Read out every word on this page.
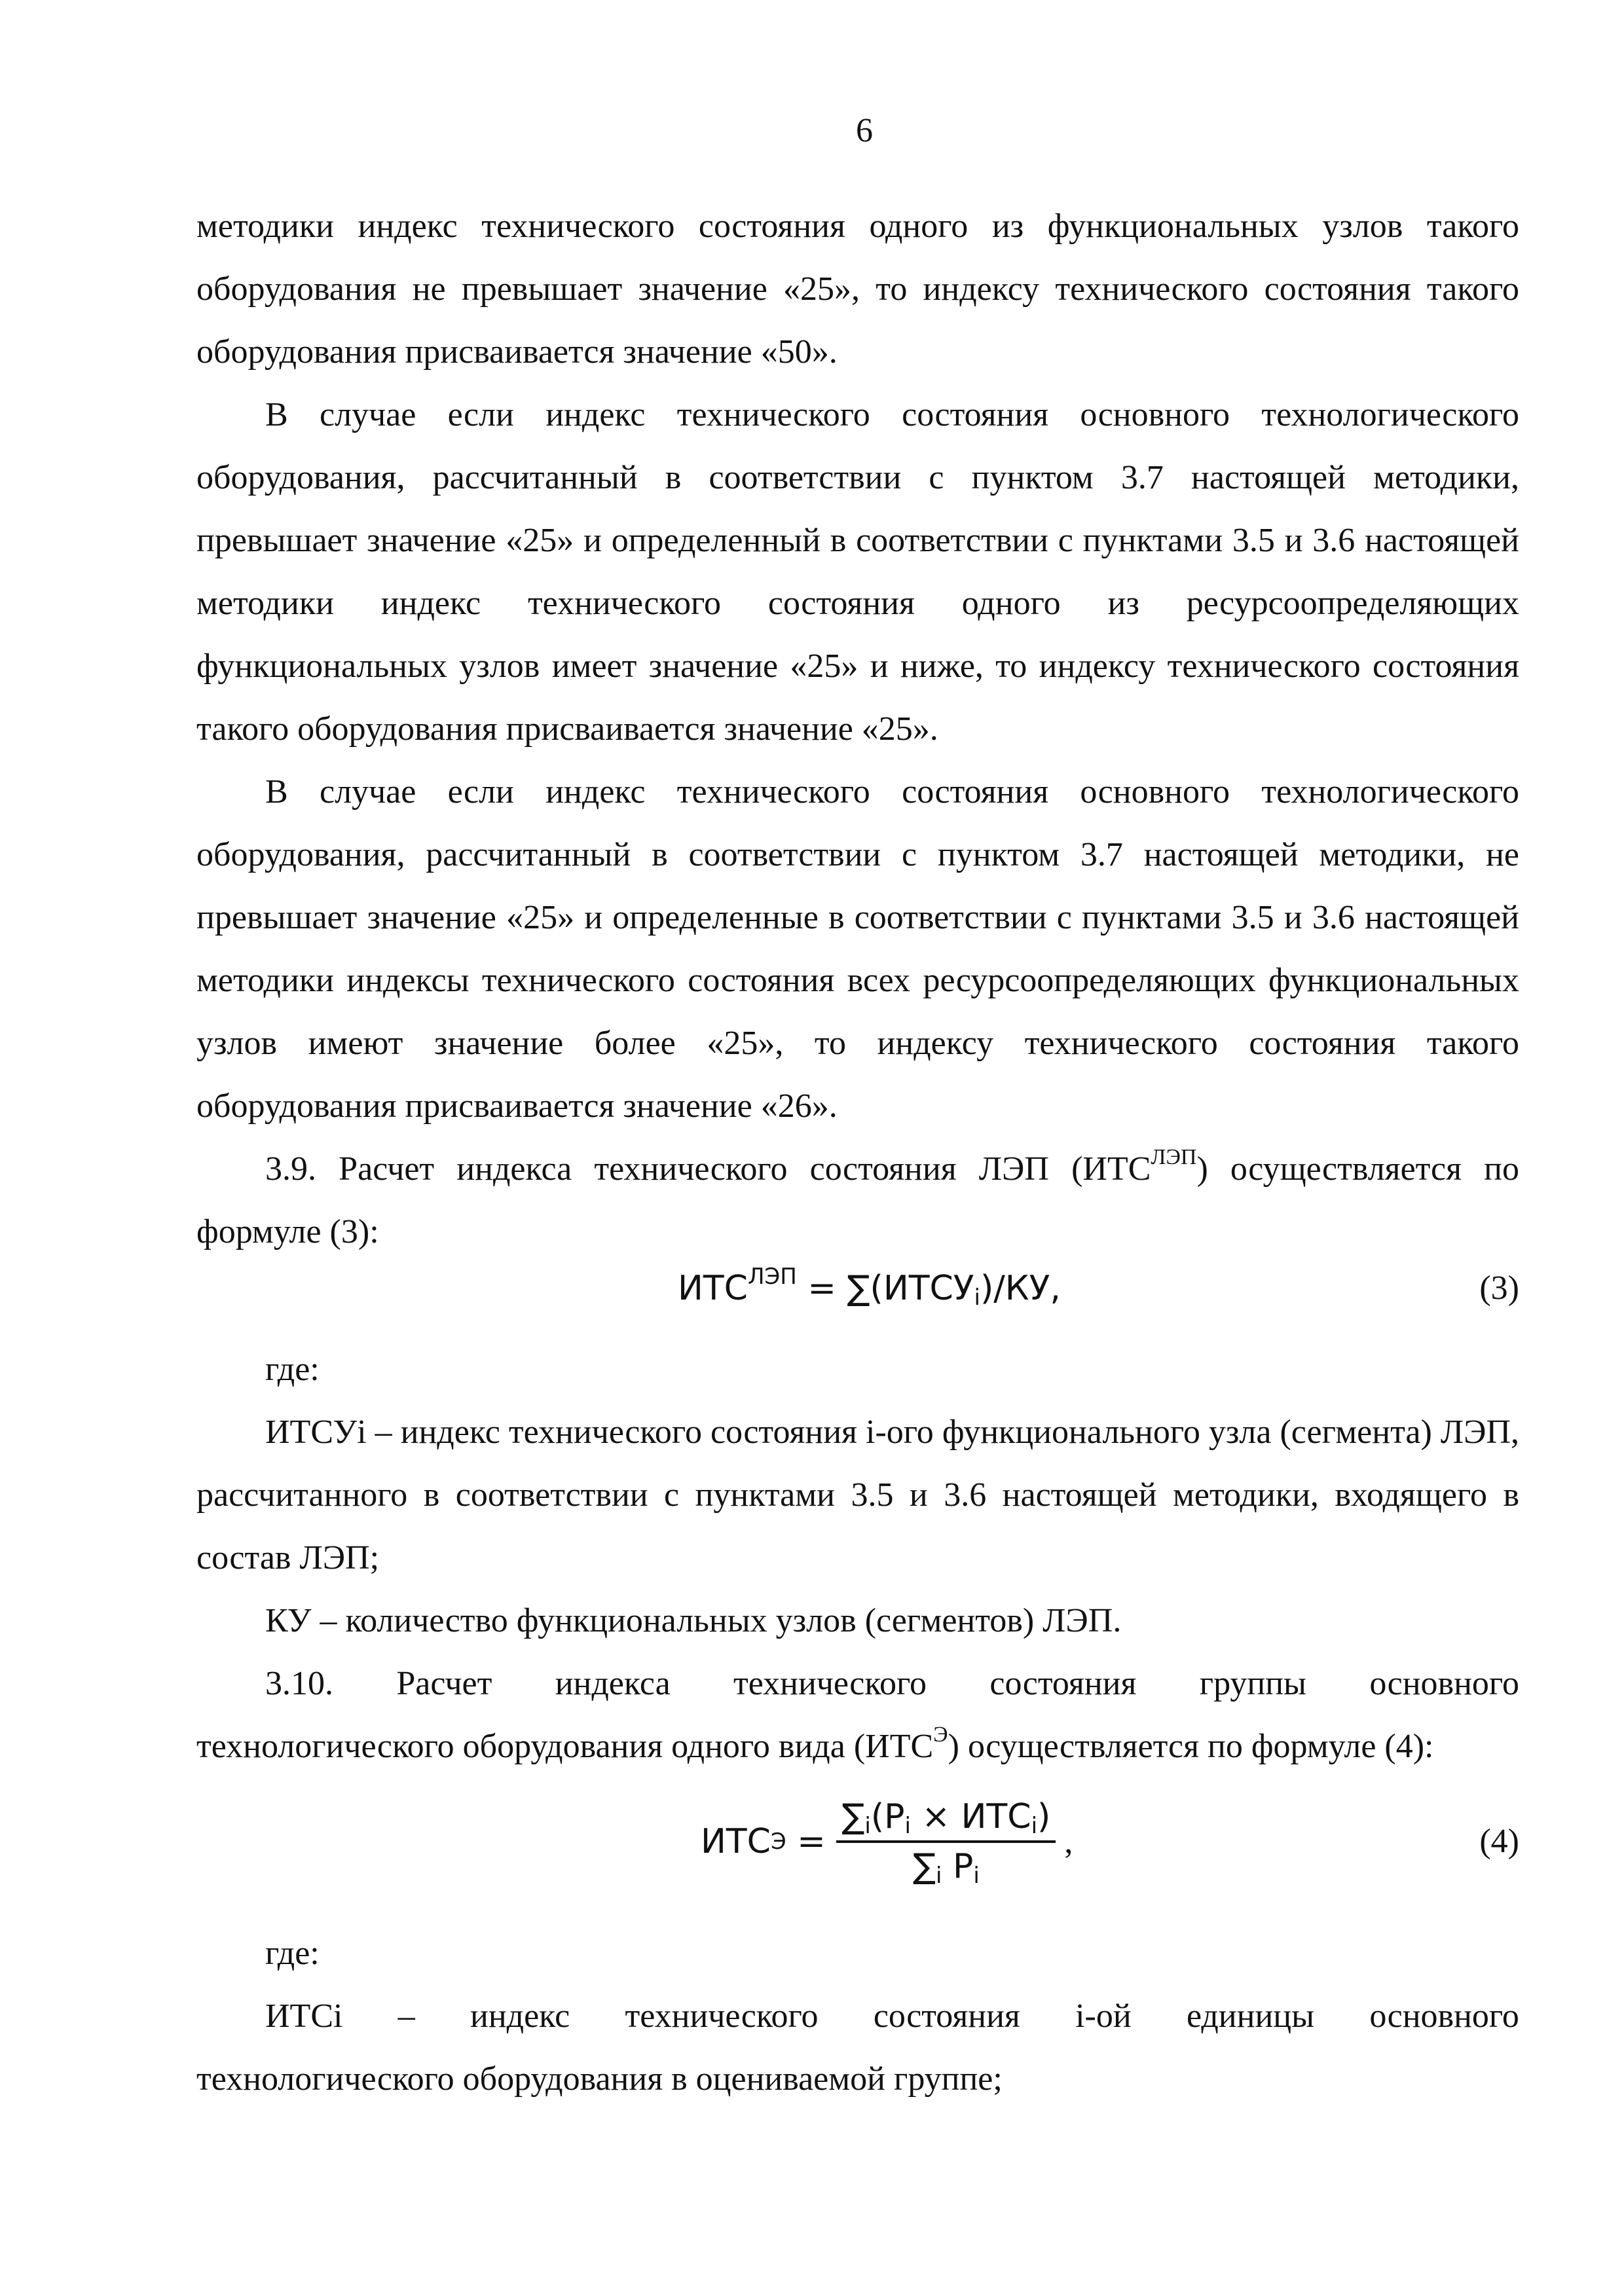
6

методики индекс технического состояния одного из функциональных узлов такого оборудования не превышает значение «25», то индексу технического состояния такого оборудования присваивается значение «50».

В случае если индекс технического состояния основного технологического оборудования, рассчитанный в соответствии с пунктом 3.7 настоящей методики, превышает значение «25» и определенный в соответствии с пунктами 3.5 и 3.6 настоящей методики индекс технического состояния одного из ресурсоопределяющих функциональных узлов имеет значение «25» и ниже, то индексу технического состояния такого оборудования присваивается значение «25».

В случае если индекс технического состояния основного технологического оборудования, рассчитанный в соответствии с пунктом 3.7 настоящей методики, не превышает значение «25» и определенные в соответствии с пунктами 3.5 и 3.6 настоящей методики индексы технического состояния всех ресурсоопределяющих функциональных узлов имеют значение более «25», то индексу технического состояния такого оборудования присваивается значение «26».

3.9. Расчет индекса технического состояния ЛЭП $(ИТС^{ЛЭП})$ осуществляется по формуле (3):

$ИТС^{ЛЭП}$ = $\sum(ИТСУ_i)/КУ$,	(3)

где:

ИТСУi – индекс технического состояния i-ого функционального узла (сегмента) ЛЭП, рассчитанного в соответствии с пунктами 3.5 и 3.6 настоящей методики, входящего в состав ЛЭП;

КУ – количество функциональных узлов (сегментов) ЛЭП.

3.10. Расчет индекса технического состояния группы основного

технологического оборудования одного вида $(ИТС^Э)$ осуществляется по формуле (4):

ИТС $Э = \frac{\sum_i(P_i \times ИТС_i)}{\sum_i P_i}$ ,	(4)

где:

ИТСi – индекс технического состояния i-ой единицы основного

технологического оборудования в оцениваемой группе;
